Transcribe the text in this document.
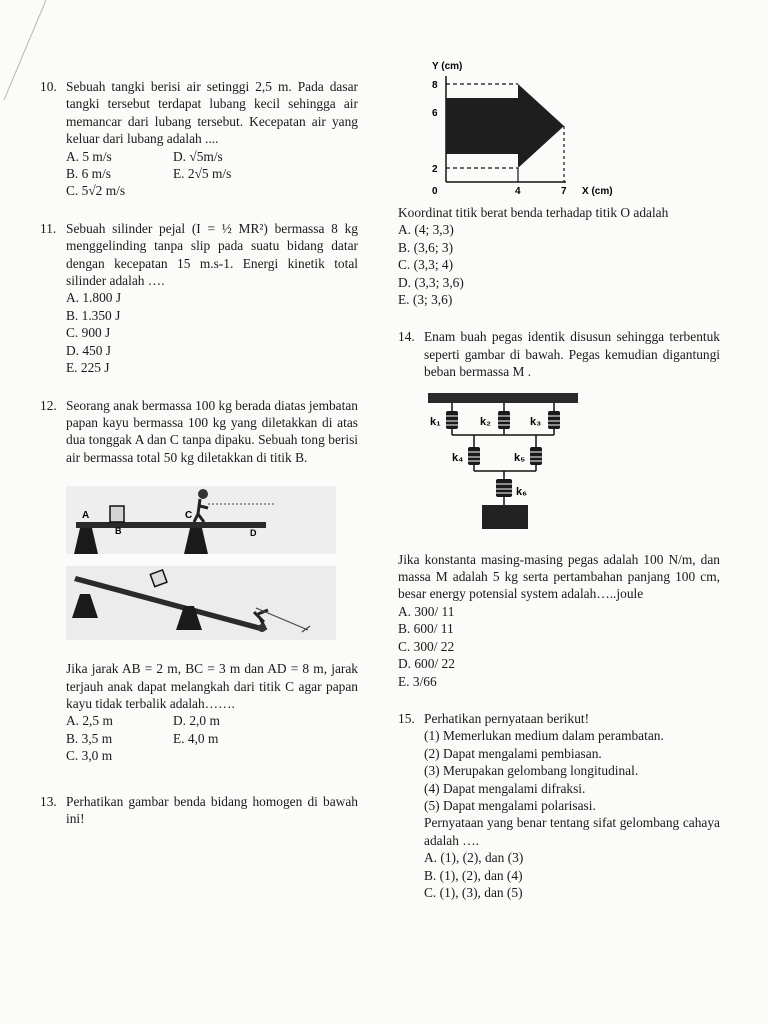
10. Sebuah tangki berisi air setinggi 2,5 m. Pada dasar tangki tersebut terdapat lubang kecil sehingga air memancar dari lubang tersebut. Kecepatan air yang keluar dari lubang adalah ....

A. 5 m/s	D. √5m/s
B. 6 m/s	E. 2√5 m/s
C. 5√2 m/s
11. Sebuah silinder pejal (I = ½ MR²) bermassa 8 kg menggelinding tanpa slip pada suatu bidang datar dengan kecepatan 15 m.s-1. Energi kinetik total silinder adalah ….

A. 1.800 J
B. 1.350 J
C. 900 J
D. 450 J
E. 225 J
12. Seorang anak bermassa 100 kg berada diatas jembatan papan kayu bermassa 100 kg yang diletakkan di atas dua tonggak A dan C tanpa dipaku. Sebuah tong berisi air bermassa total 50 kg diletakkan di titik B.

A
B
C
D

Jika jarak AB = 2 m, BC = 3 m dan AD = 8 m, jarak terjauh anak dapat melangkah dari titik C agar papan kayu tidak terbalik adalah…….

A. 2,5 m	D. 2,0 m
B. 3,5 m	E. 4,0 m
C. 3,0 m
13. Perhatikan gambar benda bidang homogen di bawah ini!

Y (cm)
8
6
2
0	4	7 X (cm)

Koordinat titik berat benda terhadap titik O adalah

A. (4; 3,3)
B. (3,6; 3)
C. (3,3; 4)
D. (3,3; 3,6)
E. (3; 3,6)
14. Enam buah pegas identik disusun sehingga terbentuk seperti gambar di bawah. Pegas kemudian digantungi beban bermassa M .

k₁	k₂	k₃
k₄	k₅
k₆

Jika konstanta masing-masing pegas adalah 100 N/m, dan massa M adalah 5 kg serta pertambahan panjang 100 cm, besar energy potensial system adalah…..joule

A. 300/ 11
B. 600/ 11
C. 300/ 22
D. 600/ 22
E. 3/66
15. Perhatikan pernyataan berikut!

(1) Memerlukan medium dalam perambatan.
(2) Dapat mengalami pembiasan.
(3) Merupakan gelombang longitudinal.
(4) Dapat mengalami difraksi.
(5) Dapat mengalami polarisasi.

Pernyataan yang benar tentang sifat gelombang cahaya adalah ….

A. (1), (2), dan (3)
B. (1), (2), dan (4)
C. (1), (3), dan (5)
